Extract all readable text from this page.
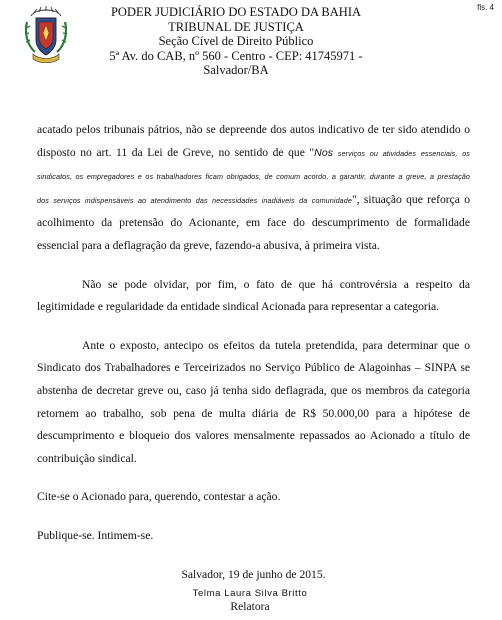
fls. 4
PODER JUDICIÁRIO DO ESTADO DA BAHIA
TRIBUNAL DE JUSTIÇA
Seção Cível de Direito Público
5ª Av. do CAB, nº 560 - Centro - CEP: 41745971 -
Salvador/BA

acatado pelos tribunais pátrios, não se depreende dos autos indicativo de ter sido atendido o disposto no art. 11 da Lei de Greve, no sentido de que "Nos serviços ou atividades essenciais, os sindicatos, os empregadores e os trabalhadores ficam obrigados, de comum acordo, a garantir, durante a greve, a prestação dos serviços indispensáveis ao atendimento das necessidades inadiáveis da comunidade", situação que reforça o acolhimento da pretensão do Acionante, em face do descumprimento de formalidade essencial para a deflagração da greve, fazendo-a abusiva, à primeira vista.

Não se pode olvidar, por fim, o fato de que há controvérsia a respeito da legitimidade e regularidade da entidade sindical Acionada para representar a categoria.

Ante o exposto, antecipo os efeitos da tutela pretendida, para determinar que o Sindicato dos Trabalhadores e Terceirizados no Serviço Público de Alagoinhas – SINPA se abstenha de decretar greve ou, caso já tenha sido deflagrada, que os membros da categoria retornem ao trabalho, sob pena de multa diária de R$ 50.000,00 para a hipótese de descumprimento e bloqueio dos valores mensalmente repassados ao Acionado a título de contribuição sindical.

Cite-se o Acionado para, querendo, contestar a ação.

Publique-se. Intimem-se.

Salvador, 19 de junho de 2015.

Telma Laura Silva Britto
Relatora
